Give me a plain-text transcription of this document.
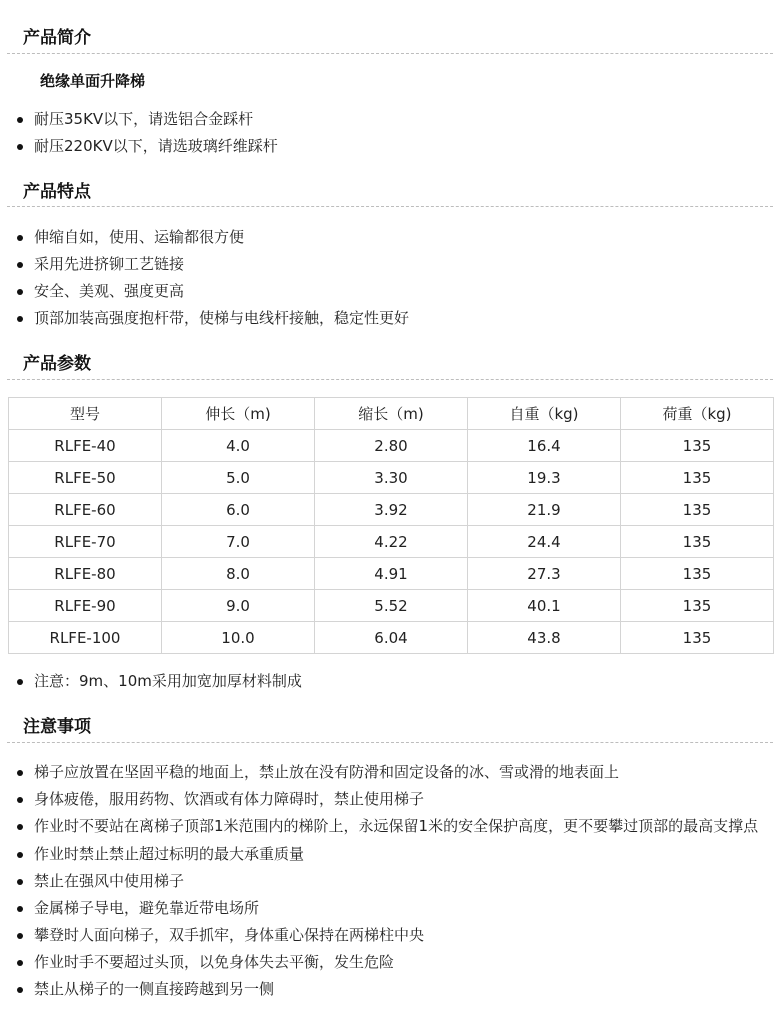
产品简介
绝缘单面升降梯
耐压35KV以下，请选铝合金踩杆
耐压220KV以下，请选玻璃纤维踩杆
产品特点
伸缩自如，使用、运输都很方便
采用先进挤铆工艺链接
安全、美观、强度更高
顶部加装高强度抱杆带，使梯与电线杆接触，稳定性更好
产品参数
型号	伸长（m)	缩长（m)	自重（kg)	荷重（kg)
RLFE-40	4.0	2.80	16.4	135
RLFE-50	5.0	3.30	19.3	135
RLFE-60	6.0	3.92	21.9	135
RLFE-70	7.0	4.22	24.4	135
RLFE-80	8.0	4.91	27.3	135
RLFE-90	9.0	5.52	40.1	135
RLFE-100	10.0	6.04	43.8	135
注意：9m、10m采用加宽加厚材料制成
注意事项
梯子应放置在坚固平稳的地面上，禁止放在没有防滑和固定设备的冰、雪或滑的地表面上
身体疲倦，服用药物、饮酒或有体力障碍时，禁止使用梯子
作业时不要站在离梯子顶部1米范围内的梯阶上，永远保留1米的安全保护高度，更不要攀过顶部的最高支撑点
作业时禁止禁止超过标明的最大承重质量
禁止在强风中使用梯子
金属梯子导电，避免靠近带电场所
攀登时人面向梯子，双手抓牢，身体重心保持在两梯柱中央
作业时手不要超过头顶，以免身体失去平衡，发生危险
禁止从梯子的一侧直接跨越到另一侧
